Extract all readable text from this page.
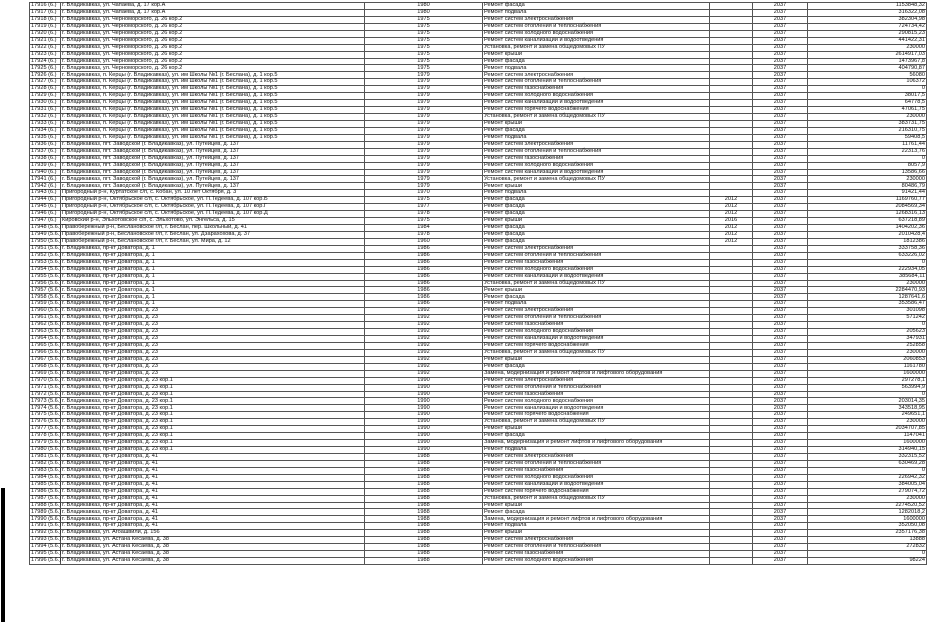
17916 (6.)	г. Владикавказ, ул. Чапаева, д. 17 кор.А	1980	Ремонт фасада		2037	1153848,32
17917 (6.)	г. Владикавказ, ул. Чапаева, д. 17 кор.А	1980	Ремонт подвала		2037	316322,08
17918 (6.)	г. Владикавказ, ул. Черноморского, д. 26 кор.2	1975	Ремонт систем электроснабжения		2037	382304,98
17919 (6.)	г. Владикавказ, ул. Черноморского, д. 26 кор.2	1975	Ремонт систем отопления и теплоснабжения		2037	724734,42
17920 (6.)	г. Владикавказ, ул. Черноморского, д. 26 кор.2	1975	Ремонт систем холодного водоснабжения		2037	290815,23
17921 (6.)	г. Владикавказ, ул. Черноморского, д. 26 кор.2	1975	Ремонт систем канализации и водоотведения		2037	441422,31
17922 (6.)	г. Владикавказ, ул. Черноморского, д. 26 кор.2	1975	Установка, ремонт и замена общедомовых ПУ		2037	230000
17923 (6.)	г. Владикавказ, ул. Черноморского, д. 26 кор.2	1975	Ремонт крыши		2037	2614917,03
17924 (6.)	г. Владикавказ, ул. Черноморского, д. 26 кор.2	1975	Ремонт фасада		2037	1473967,8
17925 (6.)	г. Владикавказ, ул. Черноморского, д. 26 кор.2	1975	Ремонт подвала		2037	404790,87
17926 (6.)	г. Владикавказ, п. Керцы (г. Владикавказ), ул. им Школы №1 (г. Беслана), д. 1 кор.5	1979	Ремонт систем электроснабжения		2037	56080
17927 (6.)	г. Владикавказ, п. Керцы (г. Владикавказ), ул. им Школы №1 (г. Беслана), д. 1 кор.5	1979	Ремонт систем отопления и теплоснабжения		2037	106372
17928 (6.)	г. Владикавказ, п. Керцы (г. Владикавказ), ул. им Школы №1 (г. Беслана), д. 1 кор.5	1979	Ремонт систем газоснабжения		2037	0
17929 (6.)	г. Владикавказ, п. Керцы (г. Владикавказ), ул. им Школы №1 (г. Беслана), д. 1 кор.5	1979	Ремонт систем холодного водоснабжения		2037	38017,5
17930 (6.)	г. Владикавказ, п. Керцы (г. Владикавказ), ул. им Школы №1 (г. Беслана), д. 1 кор.5	1979	Ремонт систем канализации и водоотведения		2037	64778,5
17931 (6.)	г. Владикавказ, п. Керцы (г. Владикавказ), ул. им Школы №1 (г. Беслана), д. 1 кор.5	1979	Ремонт систем горячего водоснабжения		2037	47061,75
17932 (6.)	г. Владикавказ, п. Керцы (г. Владикавказ), ул. им Школы №1 (г. Беслана), д. 1 кор.5	1979	Установка, ремонт и замена общедомовых ПУ		2037	230000
17933 (6.)	г. Владикавказ, п. Керцы (г. Владикавказ), ул. им Школы №1 (г. Беслана), д. 1 кор.5	1979	Ремонт крыши		2037	383731,75
17934 (6.)	г. Владикавказ, п. Керцы (г. Владикавказ), ул. им Школы №1 (г. Беслана), д. 1 кор.5	1979	Ремонт фасада		2037	216310,75
17935 (6.)	г. Владикавказ, п. Керцы (г. Владикавказ), ул. им Школы №1 (г. Беслана), д. 1 кор.5	1979	Ремонт подвала		2037	59408,5
17936 (6.)	г. Владикавказ, пгт. Заводской (г. Владикавказ), ул. Путейцев, д. 137	1979	Ремонт систем электроснабжения		2037	11761,44
17937 (6.)	г. Владикавказ, пгт. Заводской (г. Владикавказ), ул. Путейцев, д. 137	1979	Ремонт систем отопления и теплоснабжения		2037	22313,76
17938 (6.)	г. Владикавказ, пгт. Заводской (г. Владикавказ), ул. Путейцев, д. 137	1979	Ремонт систем газоснабжения		2037	0
17939 (6.)	г. Владикавказ, пгт. Заводской (г. Владикавказ), ул. Путейцев, д. 137	1979	Ремонт систем холодного водоснабжения		2037	8057,9
17940 (6.)	г. Владикавказ, пгт. Заводской (г. Владикавказ), ул. Путейцев, д. 137	1979	Ремонт систем канализации и водоотведения		2037	13586,66
17941 (6.)	г. Владикавказ, пгт. Заводской (г. Владикавказ), ул. Путейцев, д. 137	1979	Установка, ремонт и замена общедомовых ПУ		2037	230000
17942 (6.)	г. Владикавказ, пгт. Заводской (г. Владикавказ), ул. Путейцев, д. 137	1979	Ремонт крыши		2037	80486,79
17943 (6.)	Пригородный р-н, Куртатское с/п, с. Кобан, ул. 10 лет Октября, д. 3	1970	Ремонт подвала		2037	91421,44
17944 (6.)	Пригородный р-н, Октябрьское с/п, с. Октябрьское, ул. П.Тедеева, д. 107 кор.Б	1975	Ремонт фасада	2012	2037	1169760,77
17945 (6.)	Пригородный р-н, Октябрьское с/п, с. Октябрьское, ул. П.Тедеева, д. 107 кор.Г	1977	Ремонт фасада	2012	2037	2084569,34
17946 (6.)	Пригородный р-н, Октябрьское с/п, с. Октябрьское, ул. П.Тедеева, д. 107 кор.Д	1978	Ремонт фасада	2012	2037	1268316,13
17947 (6.)	Кировский р-н, Эльхотовское с/п, с. Эльхотово, ул. Энгельса, д. 15	1975	Ремонт крыши	2016	2037	637218,89
17948 (5.6.)	Правобережный р-н, Беслановское г/п, г. Беслан, пер. Школьный, д. 41	1984	Ремонт фасада	2012	2037	1404202,36
17949 (5.6.)	Правобережный р-н, Беслановское г/п, г. Беслан, ул. Дзарахохова, д. 37	1978	Ремонт фасада	2012	2037	2010428,4
17950 (5.6.)	Правобережный р-н, Беслановское г/п, г. Беслан, ул. Мира, д. 12	1960	Ремонт фасада	2012	2037	1812386
17951 (5.6.)	г. Владикавказ, пр-кт Доватора, д. 1	1986	Ремонт систем электроснабжения		2037	333758,36
17952 (5.6.)	г. Владикавказ, пр-кт Доватора, д. 1	1986	Ремонт систем отопления и теплоснабжения		2037	633226,02
17953 (5.6.)	г. Владикавказ, пр-кт Доватора, д. 1	1986	Ремонт систем газоснабжения		2037	0
17954 (5.6.)	г. Владикавказ, пр-кт Доватора, д. 1	1986	Ремонт систем холодного водоснабжения		2037	222934,05
17955 (5.6.)	г. Владикавказ, пр-кт Доватора, д. 1	1986	Ремонт систем канализации и водоотведения		2037	385684,11
17956 (5.6.)	г. Владикавказ, пр-кт Доватора, д. 1	1986	Установка, ремонт и замена общедомовых ПУ		2037	230000
17957 (5.6.)	г. Владикавказ, пр-кт Доватора, д. 1	1986	Ремонт крыши		2037	2284470,93
17958 (5.6.)	г. Владикавказ, пр-кт Доватора, д. 1	1986	Ремонт фасада		2037	1287641,6
17959 (5.6.)	г. Владикавказ, пр-кт Доватора, д. 1	1986	Ремонт подвала		2037	353586,47
17960 (5.6.)	г. Владикавказ, пр-кт Доватора, д. 23	1992	Ремонт систем электроснабжения		2037	301098
17961 (5.6.)	г. Владикавказ, пр-кт Доватора, д. 23	1992	Ремонт систем отопления и теплоснабжения		2037	571242
17962 (5.6.)	г. Владикавказ, пр-кт Доватора, д. 23	1992	Ремонт систем газоснабжения		2037	0
17963 (5.6.)	г. Владикавказ, пр-кт Доватора, д. 23	1992	Ремонт систем холодного водоснабжения		2037	205623
17964 (5.6.)	г. Владикавказ, пр-кт Доватора, д. 23	1992	Ремонт систем канализации и водоотведения		2037	347931
17965 (5.6.)	г. Владикавказ, пр-кт Доватора, д. 23	1992	Ремонт систем горячего водоснабжения		2037	252858
17966 (5.6.)	г. Владикавказ, пр-кт Доватора, д. 23	1992	Установка, ремонт и замена общедомовых ПУ		2037	230000
17967 (5.6.)	г. Владикавказ, пр-кт Доватора, д. 23	1992	Ремонт крыши		2037	2060853
17968 (5.6.)	г. Владикавказ, пр-кт Доватора, д. 23	1992	Ремонт фасада		2037	1161780
17969 (5.6.)	г. Владикавказ, пр-кт Доватора, д. 23	1992	Замена, модернизация и ремонт лифтов и лифтового оборудования		2037	1600000
17970 (5.6.)	г. Владикавказ, пр-кт Доватора, д. 23 кор.1	1990	Ремонт систем электроснабжения		2037	297278,1
17971 (5.6.)	г. Владикавказ, пр-кт Доватора, д. 23 кор.1	1990	Ремонт систем отопления и теплоснабжения		2037	563994,9
17972 (5.6.)	г. Владикавказ, пр-кт Доватора, д. 23 кор.1	1990	Ремонт систем газоснабжения		2037	0
17973 (5.6.)	г. Владикавказ, пр-кт Доватора, д. 23 кор.1	1990	Ремонт систем холодного водоснабжения		2037	203014,35
17974 (5.6.)	г. Владикавказ, пр-кт Доватора, д. 23 кор.1	1990	Ремонт систем канализации и водоотведения		2037	343518,95
17975 (5.6.)	г. Владикавказ, пр-кт Доватора, д. 23 кор.1	1990	Ремонт систем горячего водоснабжения		2037	249651,1
17976 (5.6.)	г. Владикавказ, пр-кт Доватора, д. 23 кор.1	1990	Установка, ремонт и замена общедомовых ПУ		2037	230000
17977 (5.6.)	г. Владикавказ, пр-кт Доватора, д. 23 кор.1	1990	Ремонт крыши		2037	2034707,85
17978 (5.6.)	г. Владикавказ, пр-кт Доватора, д. 23 кор.1	1990	Ремонт фасада		2037	1147041
17979 (5.6.)	г. Владикавказ, пр-кт Доватора, д. 23 кор.1	1990	Замена, модернизация и ремонт лифтов и лифтового оборудования		2037	1600000
17980 (5.6.)	г. Владикавказ, пр-кт Доватора, д. 23 кор.1	1990	Ремонт подвала		2037	314940,15
17981 (5.6.)	г. Владикавказ, пр-кт Доватора, д. 41	1988	Ремонт систем электроснабжения		2037	332315,52
17982 (5.6.)	г. Владикавказ, пр-кт Доватора, д. 41	1988	Ремонт систем отопления и теплоснабжения		2037	630469,28
17983 (5.6.)	г. Владикавказ, пр-кт Доватора, д. 41	1988	Ремонт систем газоснабжения		2037	0
17984 (5.6.)	г. Владикавказ, пр-кт Доватора, д. 41	1988	Ремонт систем холодного водоснабжения		2037	226942,32
17985 (5.6.)	г. Владикавказ, пр-кт Доватора, д. 41	1988	Ремонт систем канализации и водоотведения		2037	384005,04
17986 (5.6.)	г. Владикавказ, пр-кт Доватора, д. 41	1988	Ремонт систем горячего водоснабжения		2037	279074,72
17987 (5.6.)	г. Владикавказ, пр-кт Доватора, д. 41	1988	Установка, ремонт и замена общедомовых ПУ		2037	230000
17988 (5.6.)	г. Владикавказ, пр-кт Доватора, д. 41	1988	Ремонт крыши		2037	2274520,52
17989 (5.6.)	г. Владикавказ, пр-кт Доватора, д. 41	1988	Ремонт фасада		2037	1282018,2
17990 (5.6.)	г. Владикавказ, пр-кт Доватора, д. 41	1988	Замена, модернизация и ремонт лифтов и лифтового оборудования		2037	1600000
17991 (5.6.)	г. Владикавказ, пр-кт Доватора, д. 41	1988	Ремонт подвала		2037	352050,08
17992 (5.6.)	г. Владикавказ, ул. Агоашвили, д. 156	1988	Ремонт крыши		2037	2357176,38
17993 (5.6.)	г. Владикавказ, ул. Астана Кесаева, д. 38	1988	Ремонт систем электроснабжения		2037	13888
17994 (5.6.)	г. Владикавказ, ул. Астана Кесаева, д. 38	1988	Ремонт систем отопления и теплоснабжения		2037	272832
17995 (5.6.)	г. Владикавказ, ул. Астана Кесаева, д. 38	1988	Ремонт систем газоснабжения		2037	0
17996 (5.6.)	г. Владикавказ, ул. Астана Кесаева, д. 38	1988	Ремонт систем холодного водоснабжения		2037	98224
